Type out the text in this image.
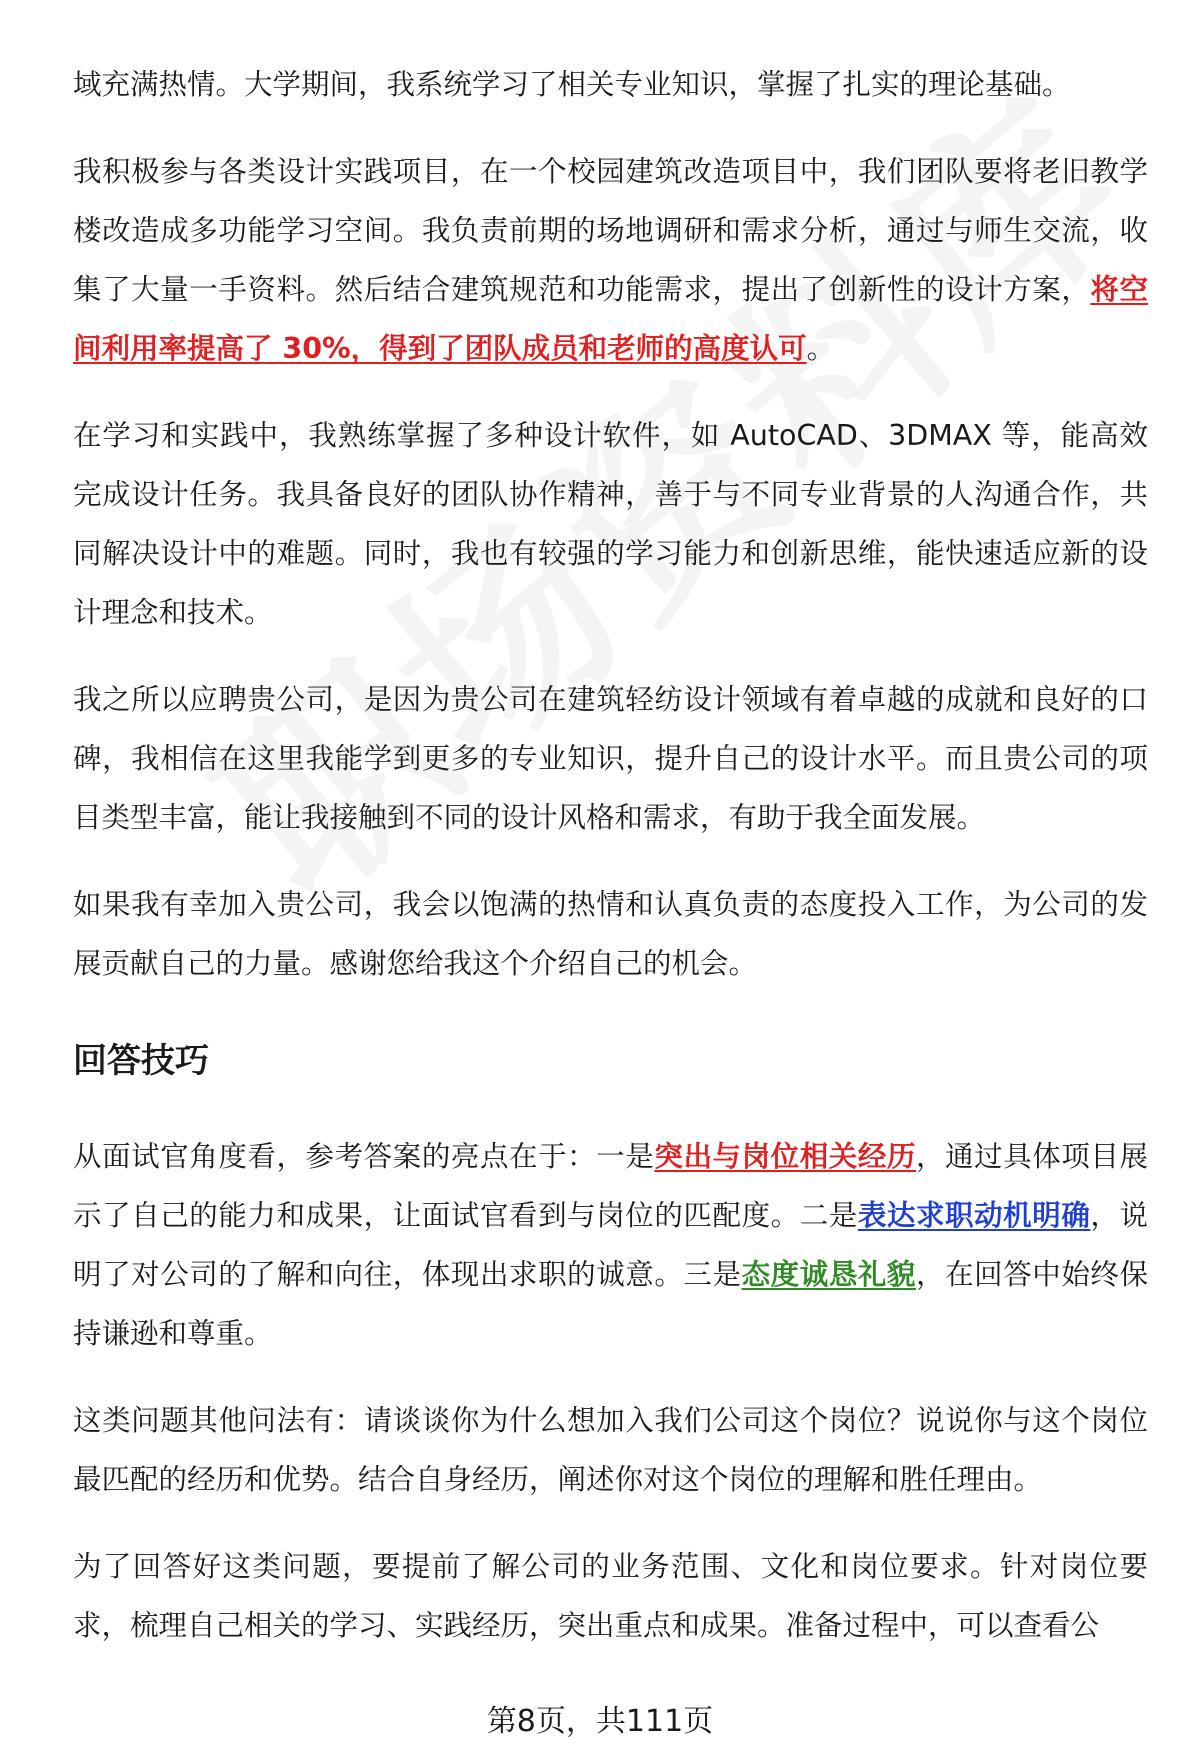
域充满热情。大学期间，我系统学习了相关专业知识，掌握了扎实的理论基础。

我积极参与各类设计实践项目，在一个校园建筑改造项目中，我们团队要将老旧教学楼改造成多功能学习空间。我负责前期的场地调研和需求分析，通过与师生交流，收集了大量一手资料。然后结合建筑规范和功能需求，提出了创新性的设计方案，将空间利用率提高了 30%，得到了团队成员和老师的高度认可。

在学习和实践中，我熟练掌握了多种设计软件，如 AutoCAD、3DMAX 等，能高效完成设计任务。我具备良好的团队协作精神，善于与不同专业背景的人沟通合作，共同解决设计中的难题。同时，我也有较强的学习能力和创新思维，能快速适应新的设计理念和技术。

我之所以应聘贵公司，是因为贵公司在建筑轻纺设计领域有着卓越的成就和良好的口碑，我相信在这里我能学到更多的专业知识，提升自己的设计水平。而且贵公司的项目类型丰富，能让我接触到不同的设计风格和需求，有助于我全面发展。

如果我有幸加入贵公司，我会以饱满的热情和认真负责的态度投入工作，为公司的发展贡献自己的力量。感谢您给我这个介绍自己的机会。

回答技巧

从面试官角度看，参考答案的亮点在于：一是突出与岗位相关经历，通过具体项目展示了自己的能力和成果，让面试官看到与岗位的匹配度。二是表达求职动机明确，说明了对公司的了解和向往，体现出求职的诚意。三是态度诚恳礼貌，在回答中始终保持谦逊和尊重。

这类问题其他问法有：请谈谈你为什么想加入我们公司这个岗位？说说你与这个岗位最匹配的经历和优势。结合自身经历，阐述你对这个岗位的理解和胜任理由。

为了回答好这类问题，要提前了解公司的业务范围、文化和岗位要求。针对岗位要求，梳理自己相关的学习、实践经历，突出重点和成果。准备过程中，可以查看公

第8页，共111页
